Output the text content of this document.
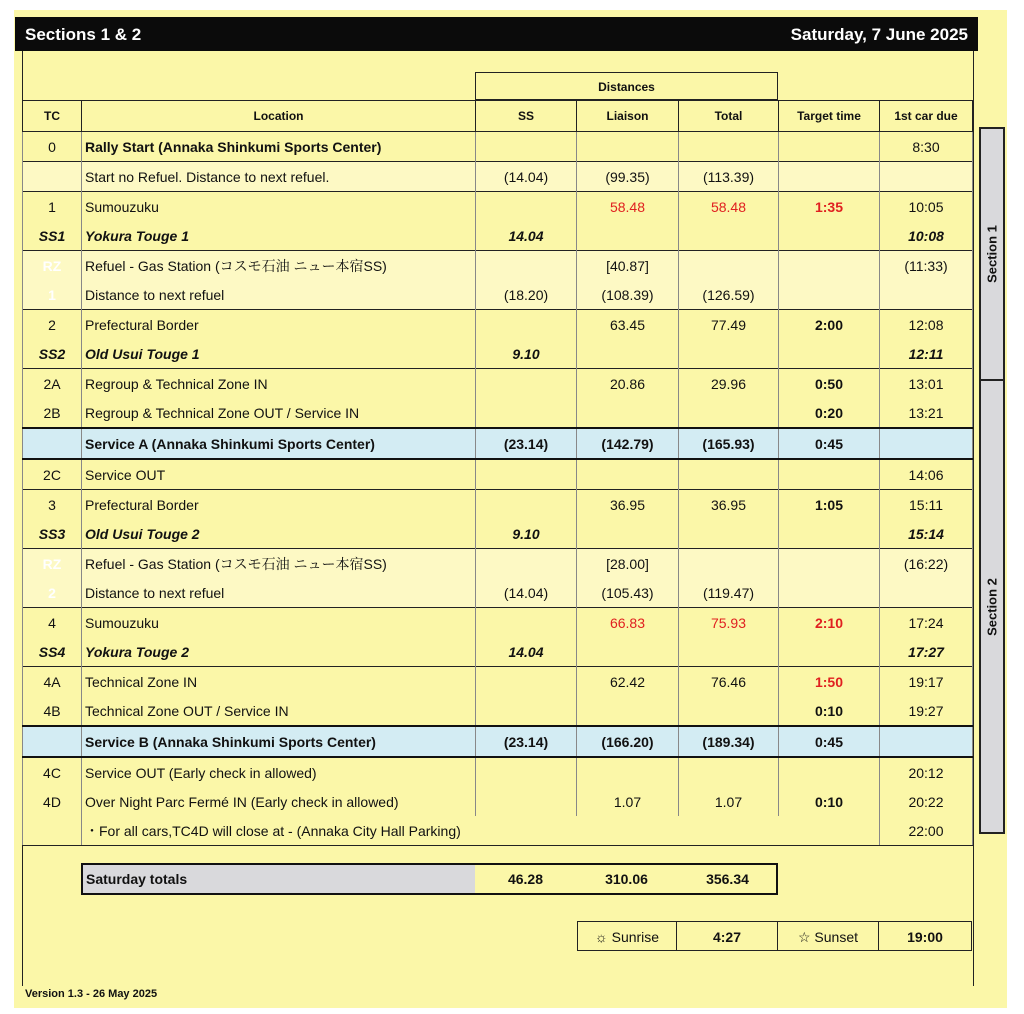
Sections 1 & 2	Saturday, 7 June 2025
Section 1
Section 2
Distances
TC	Location	SS	Liaison	Total	Target time	1st car due
0	Rally Start (Annaka Shinkumi Sports Center)					8:30
	Start no Refuel. Distance to next refuel.	(14.04)	(99.35)	(113.39)		
1	Sumouzuku		58.48	58.48	1:35	10:05
SS1	Yokura Touge 1	14.04				10:08
RZ	Refuel - Gas Station (コスモ石油 ニュー本宿SS)		[40.87]			(11:33)
1	Distance to next refuel	(18.20)	(108.39)	(126.59)		
2	Prefectural Border		63.45	77.49	2:00	12:08
SS2	Old Usui Touge 1	9.10				12:11
2A	Regroup & Technical Zone IN		20.86	29.96	0:50	13:01
2B	Regroup & Technical Zone OUT / Service IN				0:20	13:21
	Service A (Annaka Shinkumi Sports Center)	(23.14)	(142.79)	(165.93)	0:45	
2C	Service OUT					14:06
3	Prefectural Border		36.95	36.95	1:05	15:11
SS3	Old Usui Touge 2	9.10				15:14
RZ	Refuel - Gas Station (コスモ石油 ニュー本宿SS)		[28.00]			(16:22)
2	Distance to next refuel	(14.04)	(105.43)	(119.47)		
4	Sumouzuku		66.83	75.93	2:10	17:24
SS4	Yokura Touge 2	14.04				17:27
4A	Technical Zone IN		62.42	76.46	1:50	19:17
4B	Technical Zone OUT / Service IN				0:10	19:27
	Service B (Annaka Shinkumi Sports Center)	(23.14)	(166.20)	(189.34)	0:45	
4C	Service OUT (Early check in allowed)					20:12
4D	Over Night Parc Fermé IN (Early check in allowed)		1.07	1.07	0:10	20:22
	・For all cars,TC4D will close at - (Annaka City Hall Parking)					22:00
Saturday totals	46.28	310.06	356.34
☼ Sunrise	4:27	☆ Sunset	19:00
Version 1.3 - 26 May 2025
